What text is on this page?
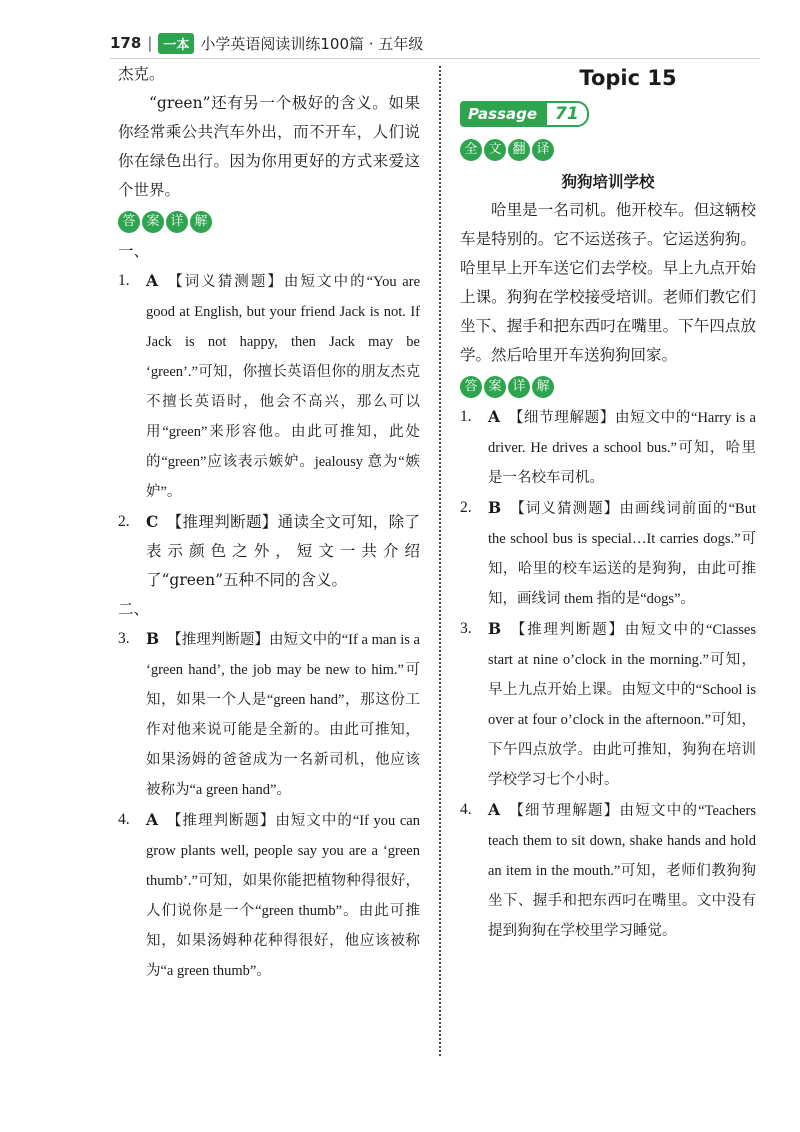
178 | 一本 小学英语阅读训练100篇 · 五年级

杰克。

“green”还有另一个极好的含义。如果你经常乘公共汽车外出，而不开车，人们说你在绿色出行。因为你用更好的方式来爱这个世界。

答 案 详 解

一、

1.	A 【词义猜测题】由短文中的“You are good at English, but your friend Jack is not. If Jack is not happy, then Jack may be ‘green’.”可知，你擅长英语但你的朋友杰克不擅长英语时，他会不高兴，那么可以用“green”来形容他。由此可推知，此处的“green”应该表示嫉妒。jealousy 意为“嫉妒”。
2.	C 【推理判断题】通读全文可知，除了表示颜色之外，短文一共介绍了“green”五种不同的含义。

二、

3.	B 【推理判断题】由短文中的“If a man is a ‘green hand’, the job may be new to him.”可知，如果一个人是“green hand”，那这份工作对他来说可能是全新的。由此可推知，如果汤姆的爸爸成为一名新司机，他应该被称为“a green hand”。
4.	A 【推理判断题】由短文中的“If you can grow plants well, people say you are a ‘green thumb’.”可知，如果你能把植物种得很好，人们说你是一个“green thumb”。由此可推知，如果汤姆种花种得很好，他应该被称为“a green thumb”。
Topic 15
Passage	71
全 文 翻 译

狗狗培训学校

哈里是一名司机。他开校车。但这辆校车是特别的。它不运送孩子。它运送狗狗。哈里早上开车送它们去学校。早上九点开始上课。狗狗在学校接受培训。老师们教它们坐下、握手和把东西叼在嘴里。下午四点放学。然后哈里开车送狗狗回家。

答 案 详 解
1.	A 【细节理解题】由短文中的“Harry is a driver. He drives a school bus.”可知，哈里是一名校车司机。
2.	B 【词义猜测题】由画线词前面的“But the school bus is special…It carries dogs.”可知，哈里的校车运送的是狗狗，由此可推知，画线词 them 指的是“dogs”。
3.	B 【推理判断题】由短文中的“Classes start at nine o’clock in the morning.”可知，早上九点开始上课。由短文中的“School is over at four o’clock in the afternoon.”可知，下午四点放学。由此可推知，狗狗在培训学校学习七个小时。
4.	A 【细节理解题】由短文中的“Teachers teach them to sit down, shake hands and hold an item in the mouth.”可知，老师们教狗狗坐下、握手和把东西叼在嘴里。文中没有提到狗狗在学校里学习睡觉。
